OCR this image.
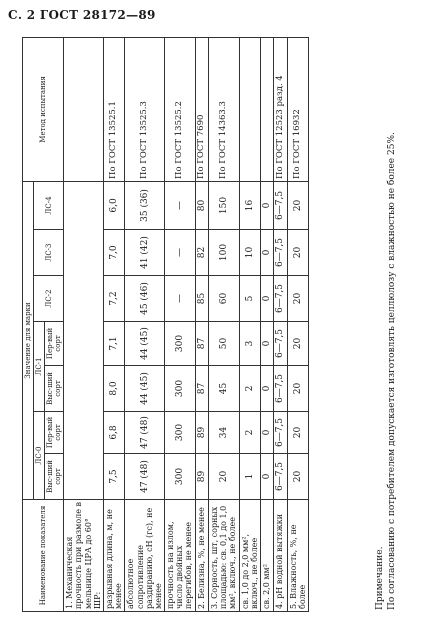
С. 2 ГОСТ 28172—89
Наименование показателя	Значение для марки							Метод испытания
	ЛС-0		ЛС-1		ЛС-2	ЛС-3	ЛС-4	
	Выс-ший сорт	Пер-вый сорт	Выс-ший сорт	Пер-вый сорт				
1. Механическая прочность при размоле в мельнице ЦРА до 60° ШР:								
разрывная длина, м, не менее	7,5	6,8	8,0	7,1	7,2	7,0	6,0	По ГОСТ 13525.1
абсолютное сопротивление раздиранию, сН (гс), не менее	47 (48)	47 (48)	44 (45)	44 (45)	45 (46)	41 (42)	35 (36)	По ГОСТ 13525.3
прочность на излом, число двойных перегибов, не менее	300	300	300	300	—	—	—	По ГОСТ 13525.2
2. Белизна, %, не менее	89	89	87	87	85	82	80	По ГОСТ 7690
3. Сорность, шт, сорных площадью: св. 0,1 до 1,0 мм², включ., не более	20	34	45	50	60	100	150	По ГОСТ 14363.3
св. 1,0 до 2,0 мм², включ., не более	1	2	2	3	5	10	16	
св. 2,0 мм²	0	0	0	0	0	0	0	
4. рН водной вытяжки	6—7,5	6—7,5	6—7,5	6—7,5	6—7,5	6—7,5	6—7,5	По ГОСТ 12523 разд. 4
5. Влажность, %, не более	20	20	20	20	20	20	20	По ГОСТ 16932
Примечание. По согласованию с потребителем допускается изготовлять целлюлозу с влажностью не более 25%.
